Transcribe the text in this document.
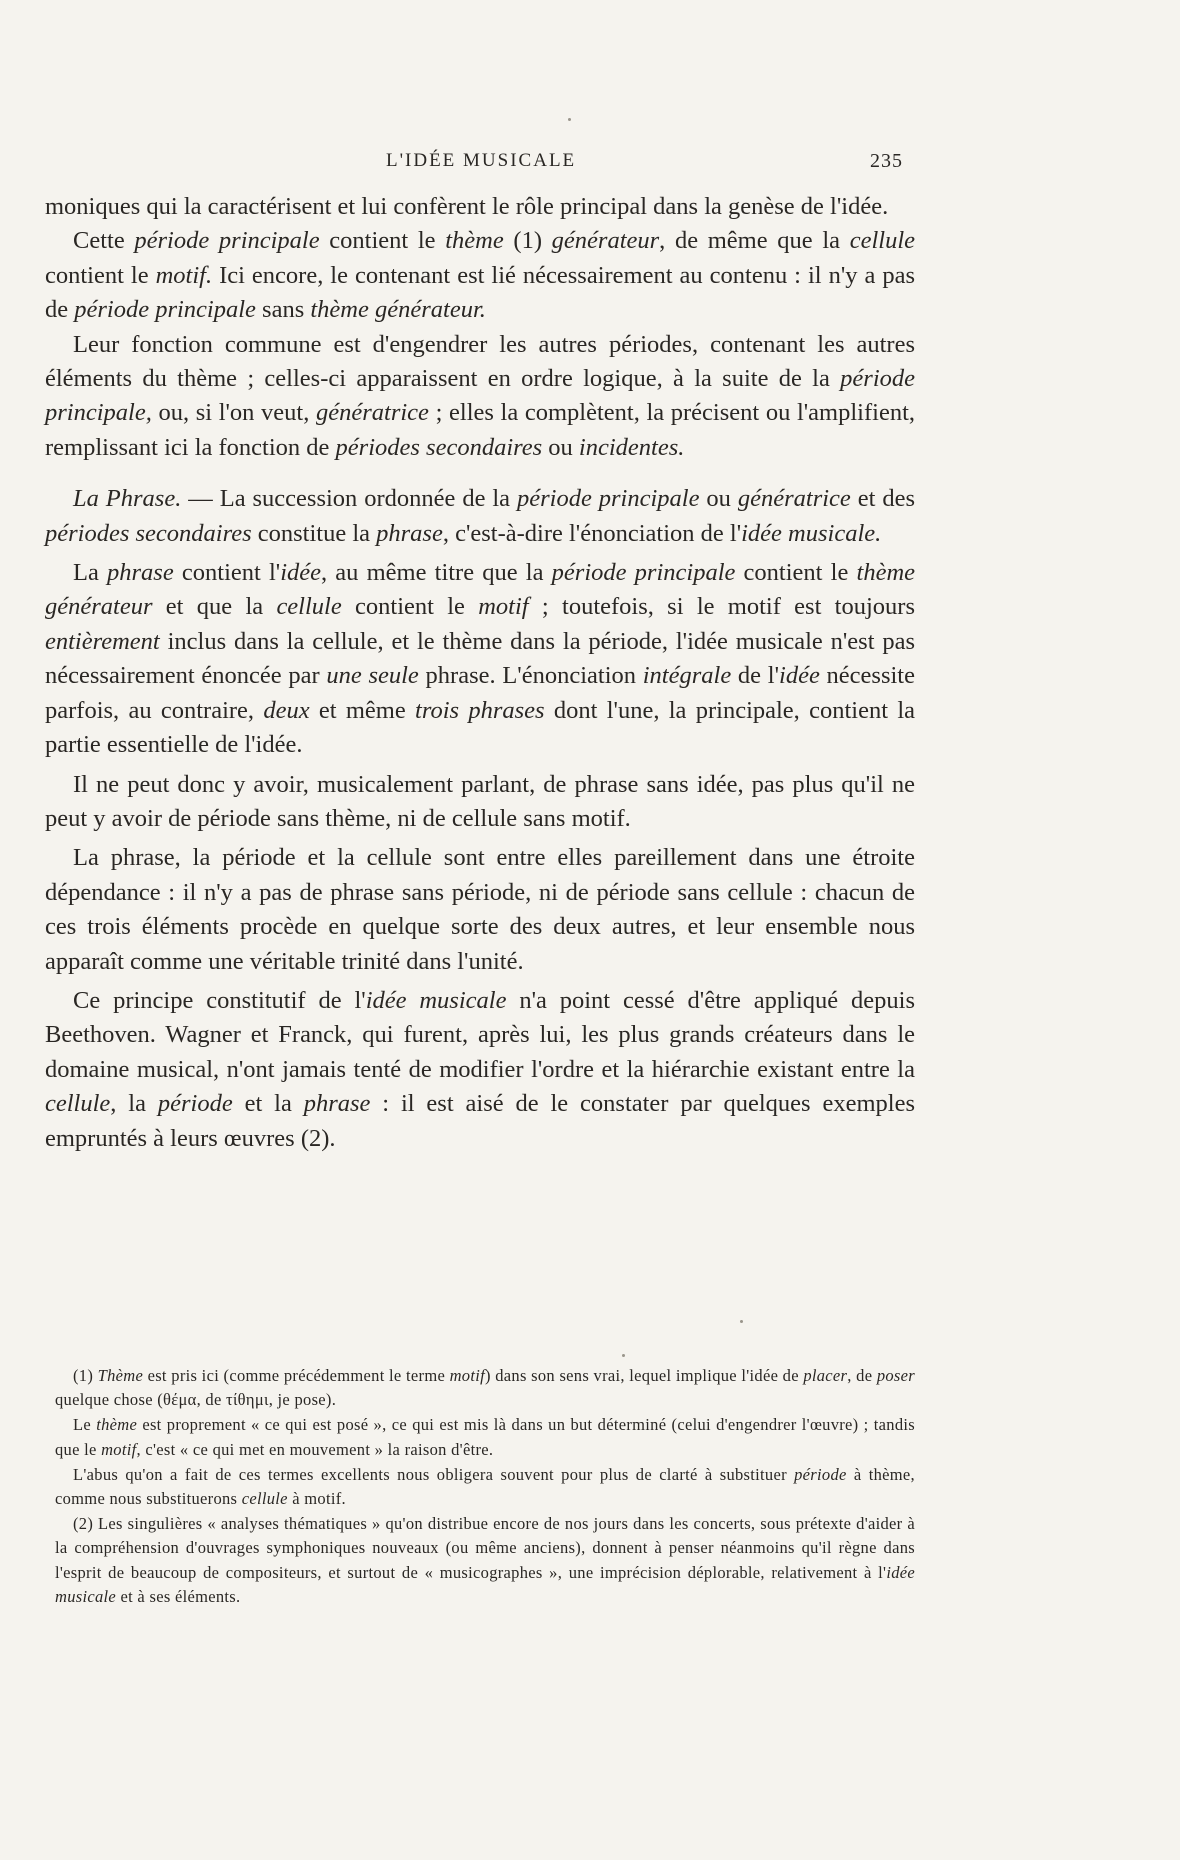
L'IDÉE MUSICALE	235

moniques qui la caractérisent et lui confèrent le rôle principal dans la genèse de l'idée.

Cette période principale contient le thème (1) générateur, de même que la cellule contient le motif. Ici encore, le contenant est lié nécessairement au contenu : il n'y a pas de période principale sans thème générateur.

Leur fonction commune est d'engendrer les autres périodes, contenant les autres éléments du thème ; celles-ci apparaissent en ordre logique, à la suite de la période principale, ou, si l'on veut, génératrice ; elles la complètent, la précisent ou l'amplifient, remplissant ici la fonction de périodes secondaires ou incidentes.

La Phrase. — La succession ordonnée de la période principale ou génératrice et des périodes secondaires constitue la phrase, c'est-à-dire l'énonciation de l'idée musicale.

La phrase contient l'idée, au même titre que la période principale contient le thème générateur et que la cellule contient le motif ; toutefois, si le motif est toujours entièrement inclus dans la cellule, et le thème dans la période, l'idée musicale n'est pas nécessairement énoncée par une seule phrase. L'énonciation intégrale de l'idée nécessite parfois, au contraire, deux et même trois phrases dont l'une, la principale, contient la partie essentielle de l'idée.

Il ne peut donc y avoir, musicalement parlant, de phrase sans idée, pas plus qu'il ne peut y avoir de période sans thème, ni de cellule sans motif.

La phrase, la période et la cellule sont entre elles pareillement dans une étroite dépendance : il n'y a pas de phrase sans période, ni de période sans cellule : chacun de ces trois éléments procède en quelque sorte des deux autres, et leur ensemble nous apparaît comme une véritable trinité dans l'unité.

Ce principe constitutif de l'idée musicale n'a point cessé d'être appliqué depuis Beethoven. Wagner et Franck, qui furent, après lui, les plus grands créateurs dans le domaine musical, n'ont jamais tenté de modifier l'ordre et la hiérarchie existant entre la cellule, la période et la phrase : il est aisé de le constater par quelques exemples empruntés à leurs œuvres (2).

(1) Thème est pris ici (comme précédemment le terme motif) dans son sens vrai, lequel implique l'idée de placer, de poser quelque chose (θέμα, de τίθημι, je pose).

Le thème est proprement « ce qui est posé », ce qui est mis là dans un but déterminé (celui d'engendrer l'œuvre) ; tandis que le motif, c'est « ce qui met en mouvement » la raison d'être.

L'abus qu'on a fait de ces termes excellents nous obligera souvent pour plus de clarté à substituer période à thème, comme nous substituerons cellule à motif.

(2) Les singulières « analyses thématiques » qu'on distribue encore de nos jours dans les concerts, sous prétexte d'aider à la compréhension d'ouvrages symphoniques nouveaux (ou même anciens), donnent à penser néanmoins qu'il règne dans l'esprit de beaucoup de compositeurs, et surtout de « musicographes », une imprécision déplorable, relativement à l'idée musicale et à ses éléments.
